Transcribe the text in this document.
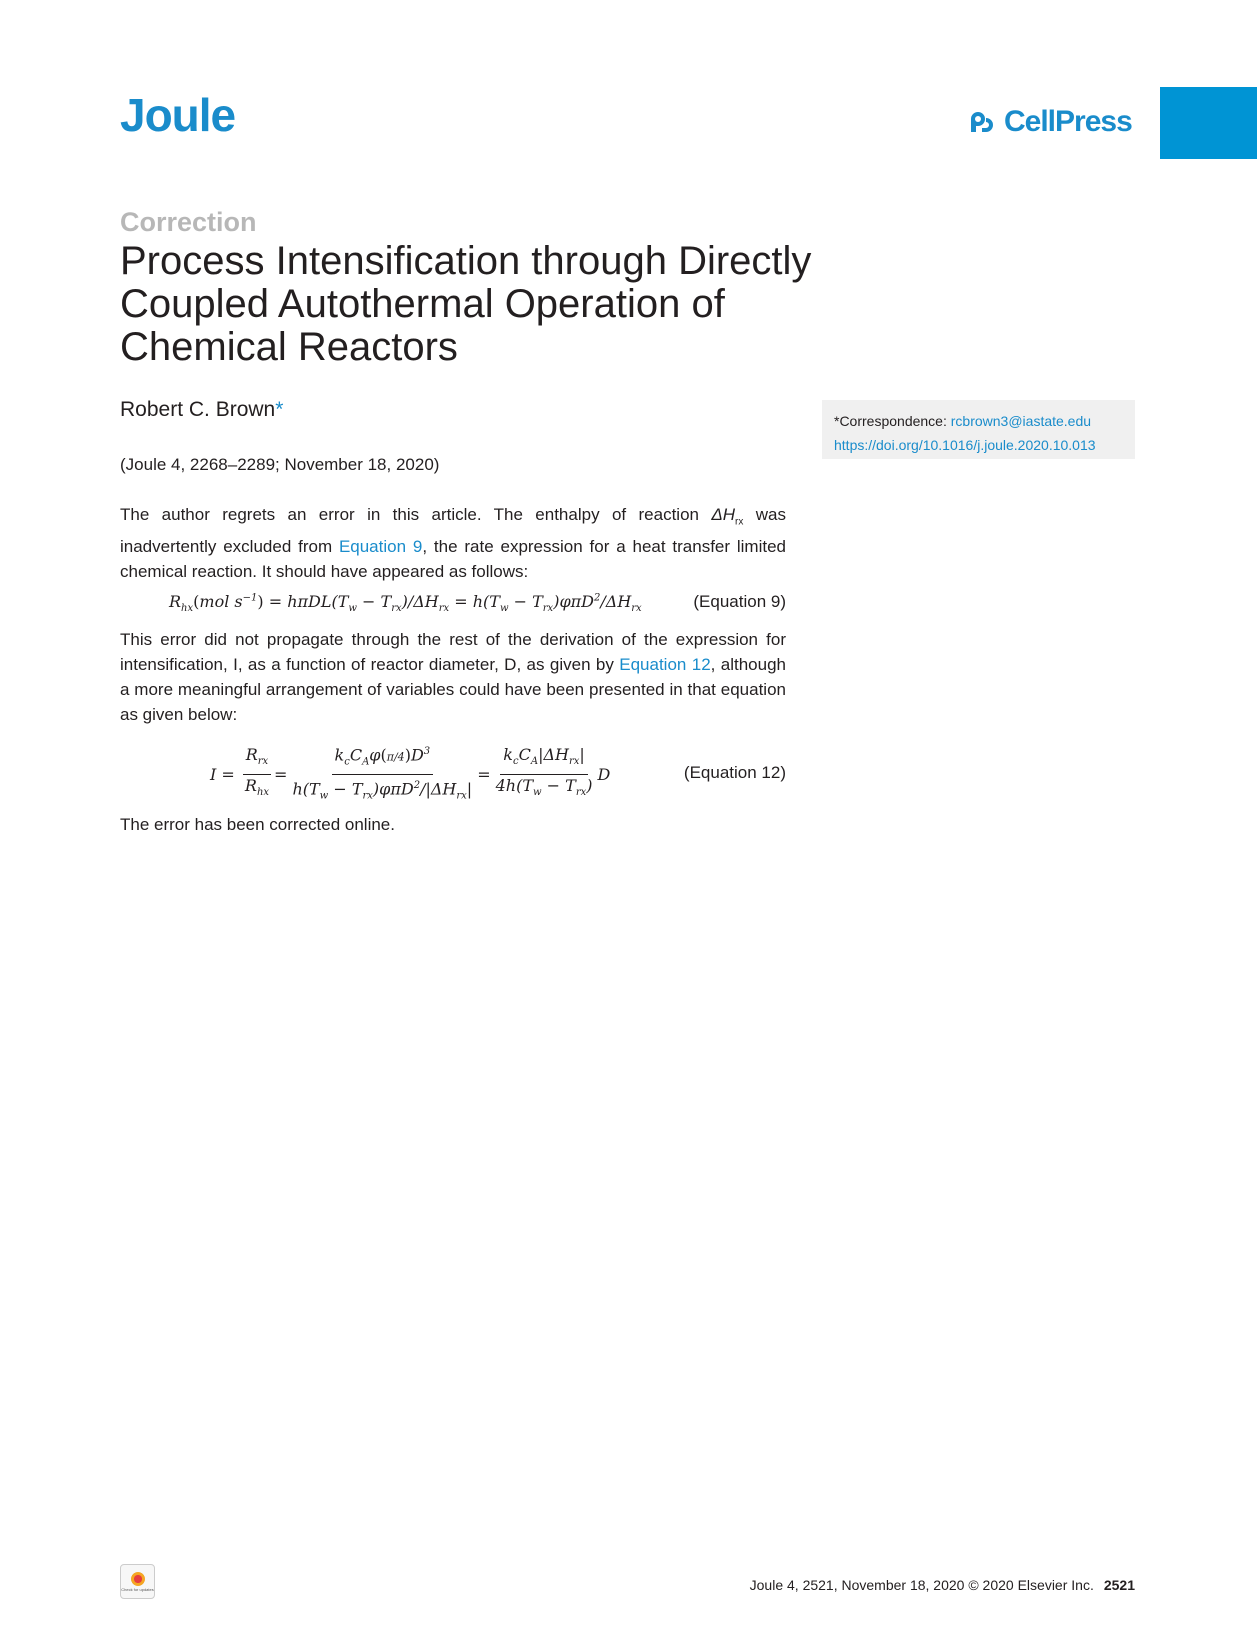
Joule	CellPress
Correction
Process Intensification through Directly Coupled Autothermal Operation of Chemical Reactors
Robert C. Brown*
(Joule 4, 2268–2289; November 18, 2020)
*Correspondence: rcbrown3@iastate.edu
https://doi.org/10.1016/j.joule.2020.10.013

The author regrets an error in this article. The enthalpy of reaction $\Delta H_{rx}$ was inadvertently excluded from Equation 9, the rate expression for a heat transfer limited chemical reaction. It should have appeared as follows:

$R_{hx}(mol$ $s^{-1}) = h\pi DL(T_w - T_{rx})/\Delta H_{rx} = h(T_w - T_{rx})\varphi\pi D^2/\Delta H_{rx}$	(Equation 9)

This error did not propagate through the rest of the derivation of the expression for intensification, I, as a function of reactor diameter, D, as given by Equation 12, although a more meaningful arrangement of variables could have been presented in that equation as given below:

$I = \frac{R_{rx}}{R_{hx}} = \frac{k_cC_A\varphi(\pi/4)D^3}{h(T_w - T_{rx})\varphi\pi D^2/|\Delta H_{rx}|} = \frac{k_cC_A|\Delta H_{rx}|}{4h(T_w - T_{rx})}$ D	(Equation 12)

The error has been corrected online.

Check for updates	Joule 4, 2521, November 18, 2020 © 2020 Elsevier Inc. 2521
